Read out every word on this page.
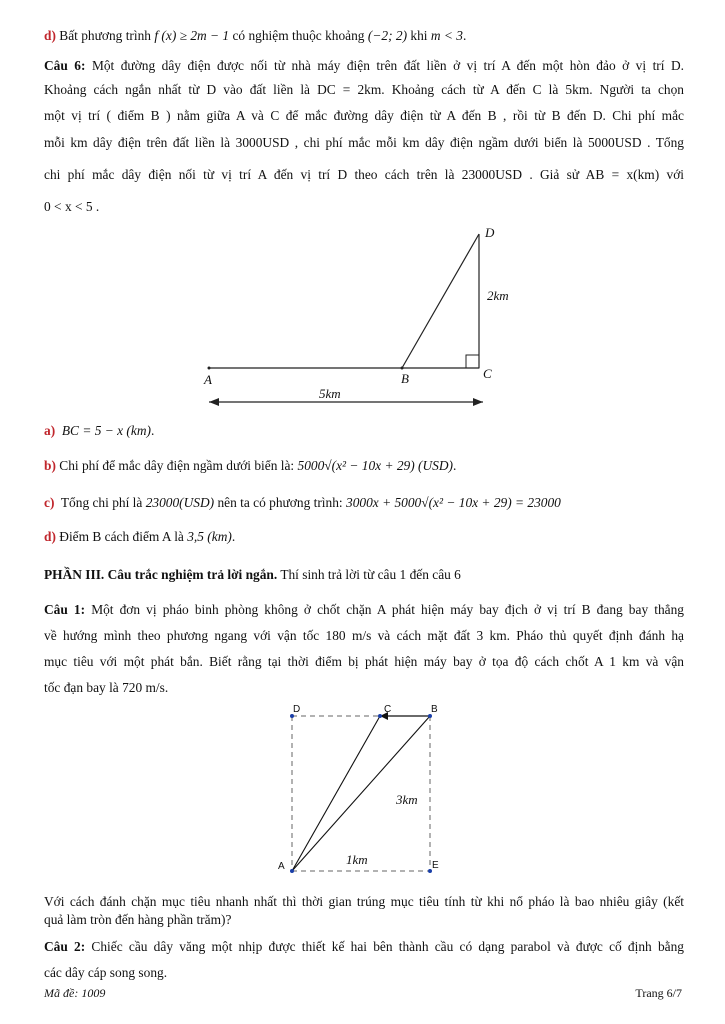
d) Bất phương trình f (x) ≥ 2m − 1 có nghiệm thuộc khoảng (−2; 2) khi m < 3.
Câu 6: Một đường dây điện được nối từ nhà máy điện trên đất liền ở vị trí A đến một hòn đảo ở vị trí D.
Khoảng cách ngắn nhất từ D vào đất liền là DC = 2km. Khoảng cách từ A đến C là 5km. Người ta chọn
một vị trí ( điểm B ) nằm giữa A và C để mắc đường dây điện từ A đến B , rồi từ B đến D. Chi phí mắc
mỗi km dây điện trên đất liền là 3000USD , chi phí mắc mỗi km dây điện ngầm dưới biển là 5000USD . Tổng
chi phí mắc dây điện nối từ vị trí A đến vị trí D theo cách trên là 23000USD . Giả sử AB = x(km) với
0 < x < 5 .
A	B	C
D
2km
5km
a) BC = 5 − x (km).
b) Chi phí để mắc dây điện ngầm dưới biển là: 5000√(x² − 10x + 29) (USD).
c) Tổng chi phí là 23000(USD) nên ta có phương trình: 3000x + 5000√(x² − 10x + 29) = 23000
d) Điểm B cách điểm A là 3,5 (km).
PHẦN III. Câu trắc nghiệm trả lời ngắn. Thí sinh trả lời từ câu 1 đến câu 6
Câu 1: Một đơn vị pháo binh phòng không ở chốt chặn A phát hiện máy bay địch ở vị trí B đang bay thẳng
về hướng mình theo phương ngang với vận tốc 180 m/s và cách mặt đất 3 km. Pháo thủ quyết định đánh hạ
mục tiêu với một phát bắn. Biết rằng tại thời điểm bị phát hiện máy bay ở tọa độ cách chốt A 1 km và vận
tốc đạn bay là 720 m/s.
D	C	B
A	E
3km
1km
Với cách đánh chặn mục tiêu nhanh nhất thì thời gian trúng mục tiêu tính từ khi nổ pháo là bao nhiêu giây (kết
quả làm tròn đến hàng phần trăm)?
Câu 2: Chiếc cầu dây văng một nhịp được thiết kế hai bên thành cầu có dạng parabol và được cố định bằng
các dây cáp song song.
Mã đề: 1009	Trang 6/7
